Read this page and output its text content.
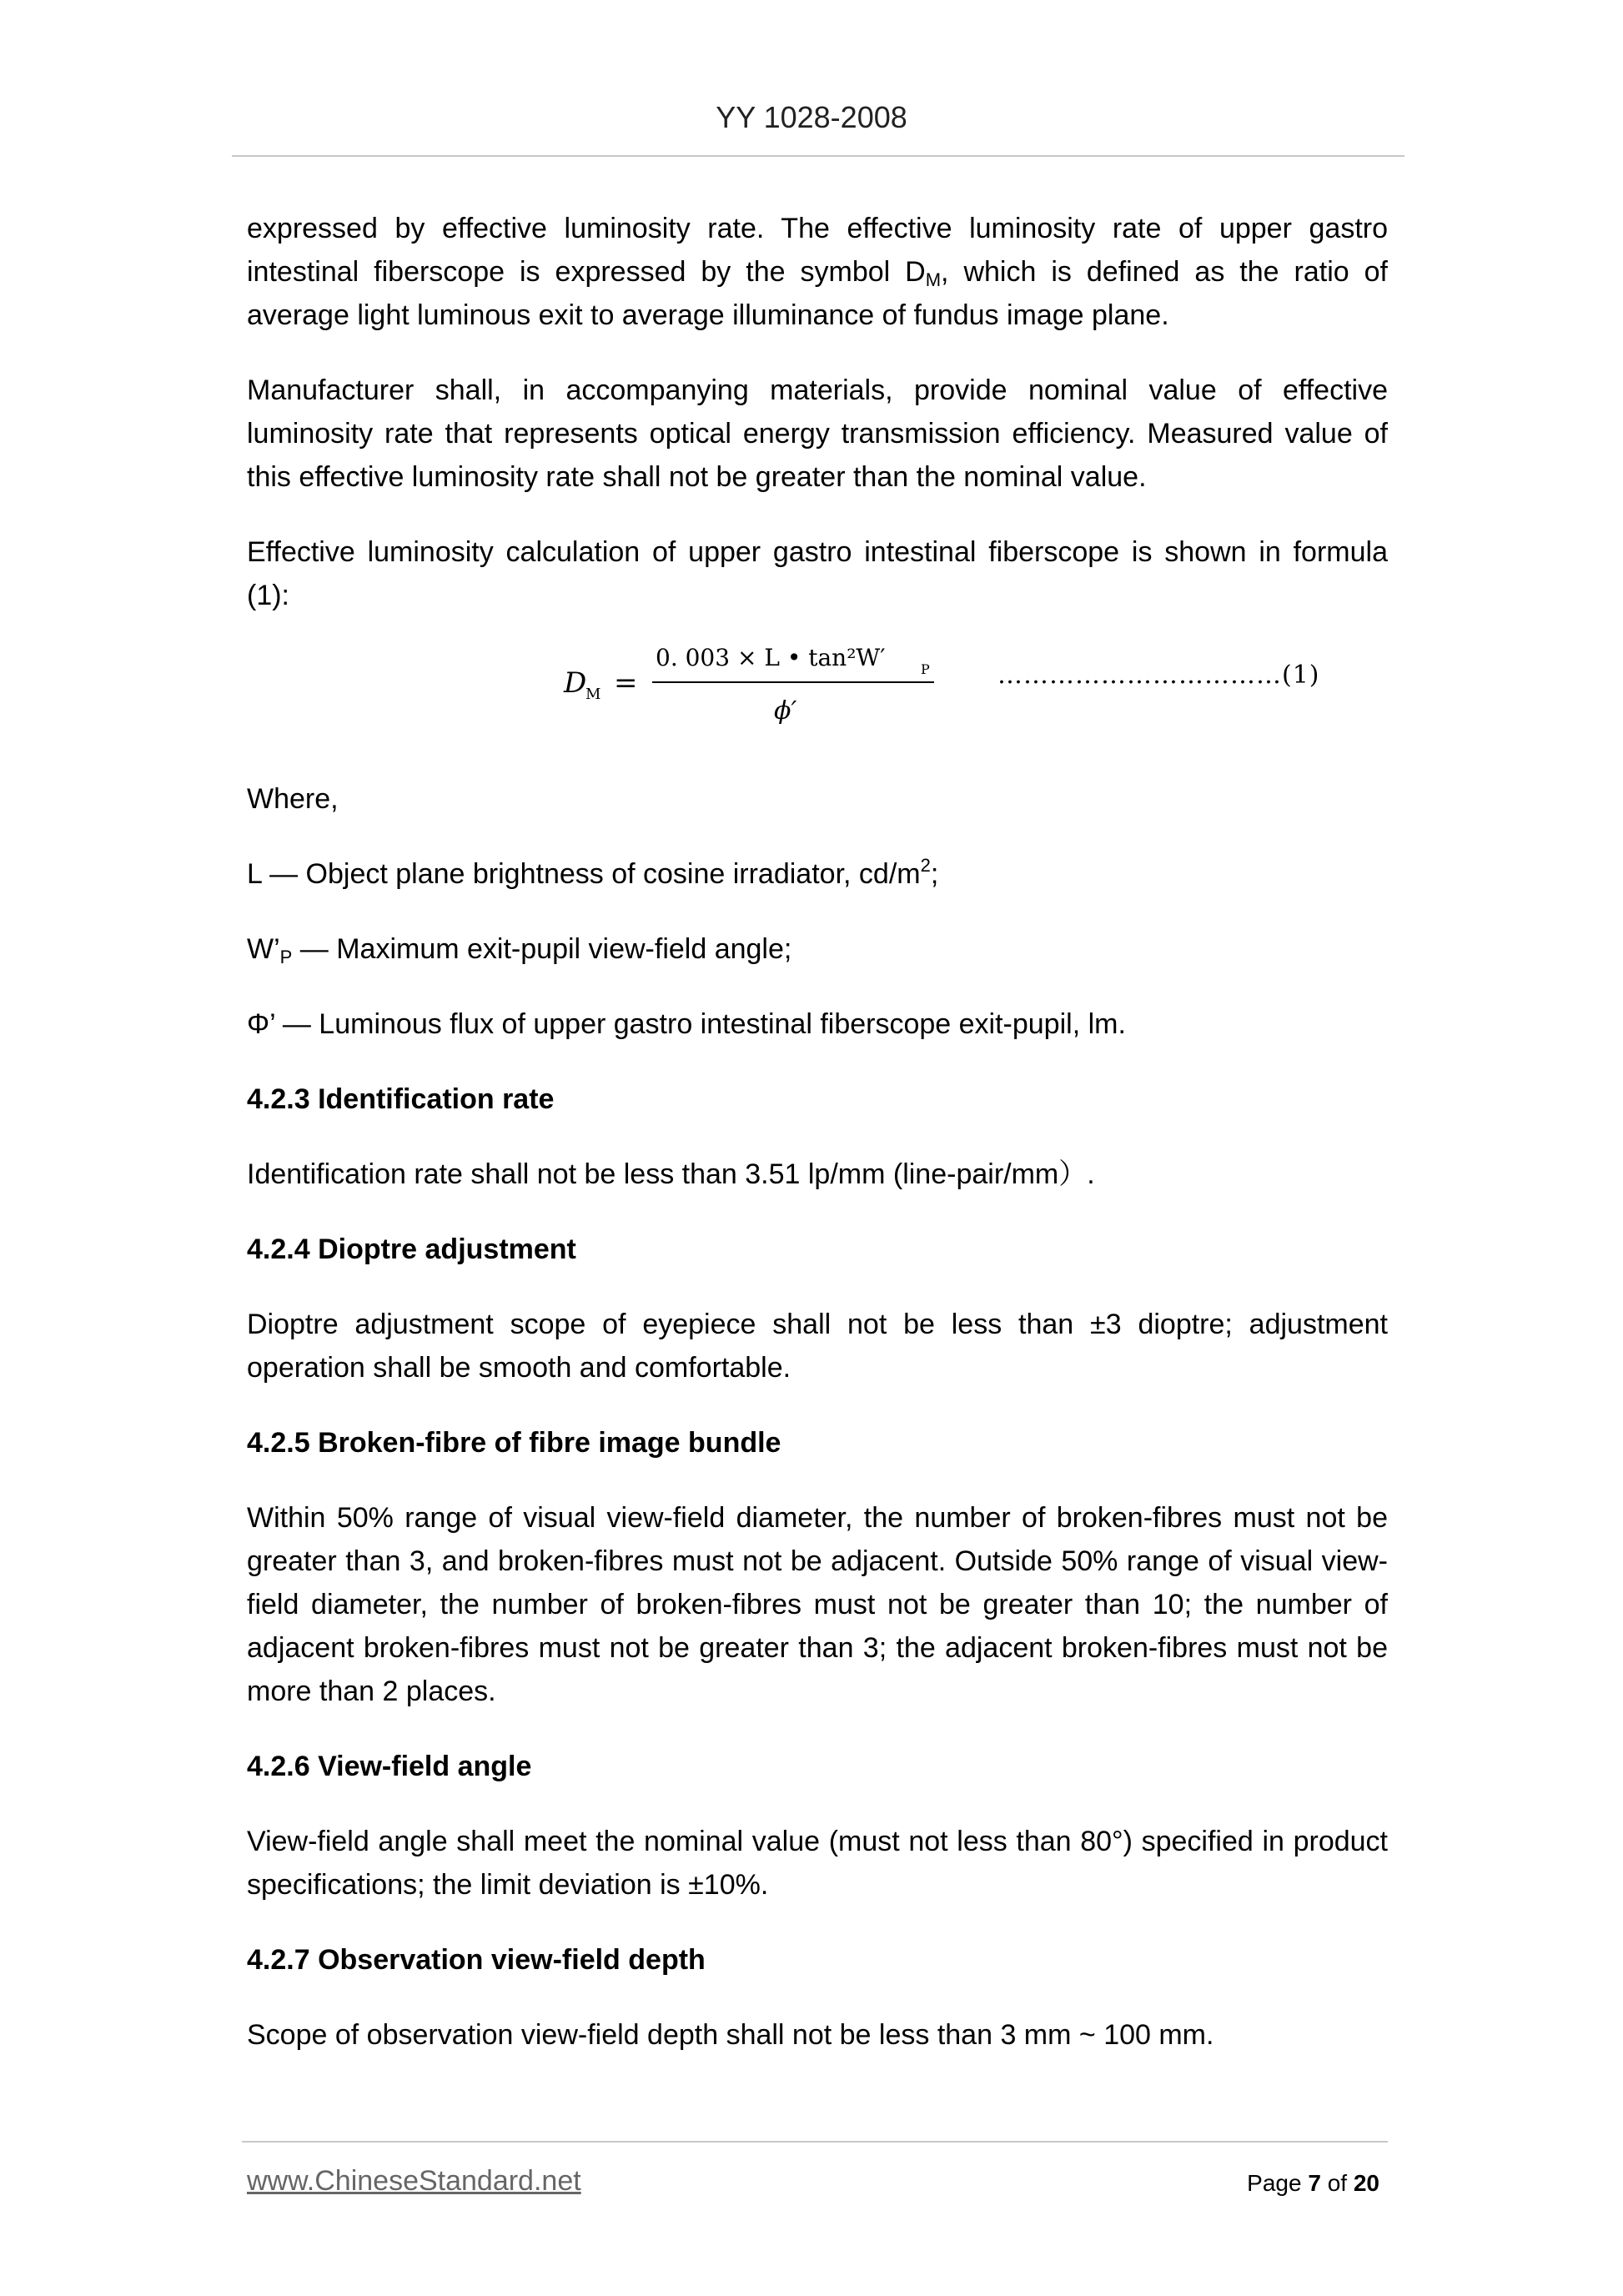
YY 1028-2008

expressed by effective luminosity rate. The effective luminosity rate of upper gastro intestinal fiberscope is expressed by the symbol $D_M$, which is defined as the ratio of average light luminous exit to average illuminance of fundus image plane.

Manufacturer shall, in accompanying materials, provide nominal value of effective luminosity rate that represents optical energy transmission efficiency. Measured value of this effective luminosity rate shall not be greater than the nominal value.

Effective luminosity calculation of upper gastro intestinal fiberscope is shown in formula (1):

D
M =
0. 003 × L • tan²W′	P
ϕ′
……………………………(1)

Where,

L — Object plane brightness of cosine irradiator, $cd/m^2$;

$W’_P$ — Maximum exit-pupil view-field angle;

Φ’ — Luminous flux of upper gastro intestinal fiberscope exit-pupil, lm.

4.2.3 Identification rate

Identification rate shall not be less than 3.51 lp/mm (line-pair/mm）.

4.2.4 Dioptre adjustment

Dioptre adjustment scope of eyepiece shall not be less than ±3 dioptre; adjustment operation shall be smooth and comfortable.

4.2.5 Broken-fibre of fibre image bundle

Within 50% range of visual view-field diameter, the number of broken-fibres must not be greater than 3, and broken-fibres must not be adjacent. Outside 50% range of visual view-field diameter, the number of broken-fibres must not be greater than 10; the number of adjacent broken-fibres must not be greater than 3; the adjacent broken-fibres must not be more than 2 places.

4.2.6 View-field angle

View-field angle shall meet the nominal value (must not less than 80°) specified in product specifications; the limit deviation is ±10%.

4.2.7 Observation view-field depth

Scope of observation view-field depth shall not be less than 3 mm ~ 100 mm.

www.ChineseStandard.net	Page 7 of 20
